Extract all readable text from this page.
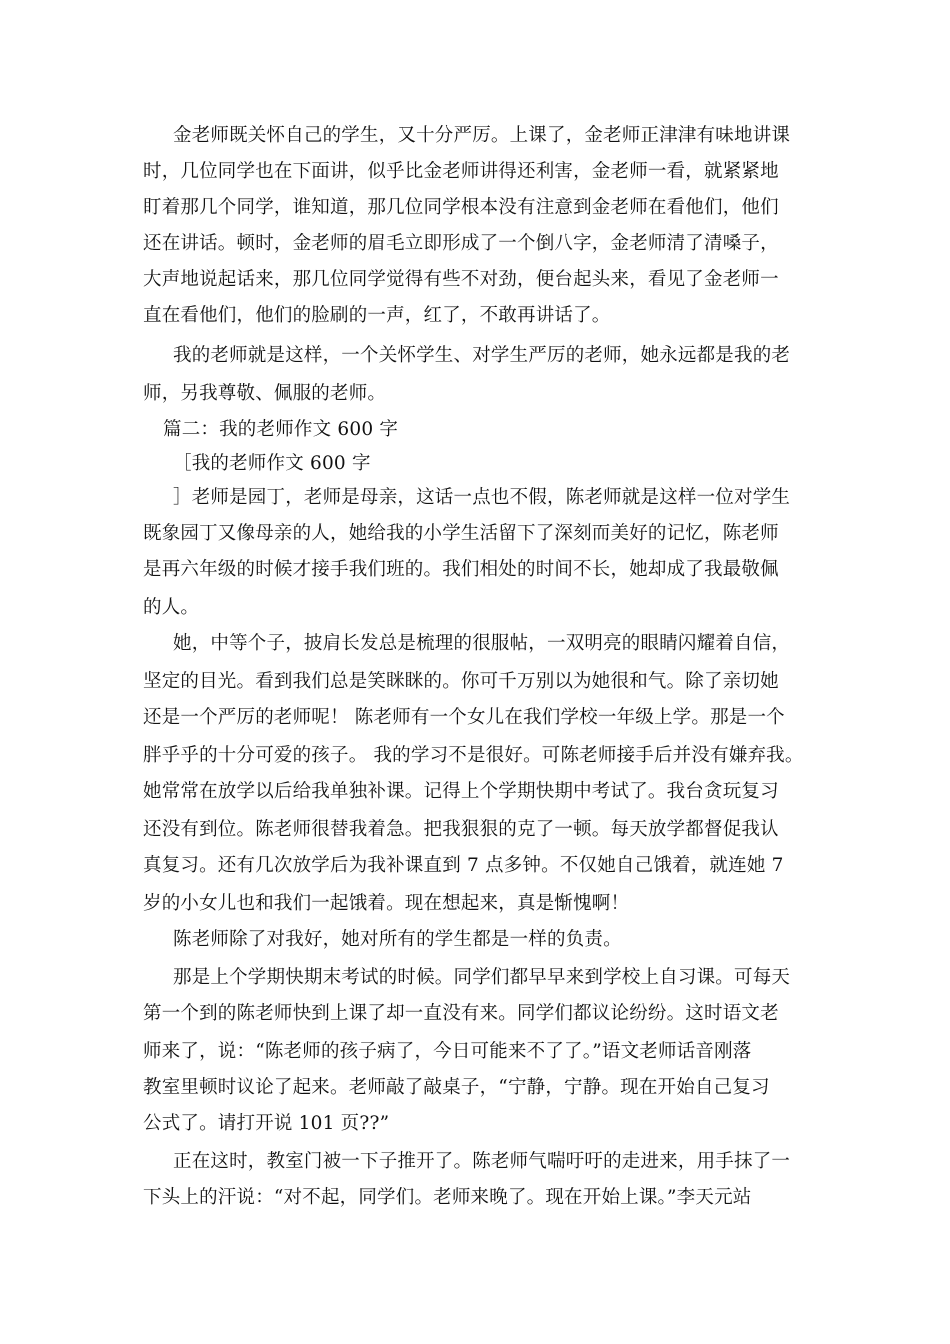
金老师既关怀自己的学生，又十分严厉。上课了，金老师正津津有味地讲课
时，几位同学也在下面讲，似乎比金老师讲得还利害，金老师一看，就紧紧地
盯着那几个同学，谁知道，那几位同学根本没有注意到金老师在看他们，他们
还在讲话。顿时，金老师的眉毛立即形成了一个倒八字，金老师清了清嗓子，
大声地说起话来，那几位同学觉得有些不对劲，便台起头来，看见了金老师一
直在看他们，他们的脸刷的一声，红了，不敢再讲话了。
我的老师就是这样，一个关怀学生、对学生严厉的老师，她永远都是我的老
师，另我尊敬、佩服的老师。
篇二：我的老师作文 600 字
［我的老师作文 600 字
］老师是园丁，老师是母亲，这话一点也不假，陈老师就是这样一位对学生
既象园丁又像母亲的人，她给我的小学生活留下了深刻而美好的记忆，陈老师
是再六年级的时候才接手我们班的。我们相处的时间不长，她却成了我最敬佩
的人。
她，中等个子，披肩长发总是梳理的很服帖，一双明亮的眼睛闪耀着自信，
坚定的目光。看到我们总是笑眯眯的。你可千万别以为她很和气。除了亲切她
还是一个严厉的老师呢！ 陈老师有一个女儿在我们学校一年级上学。那是一个
胖乎乎的十分可爱的孩子。 我的学习不是很好。可陈老师接手后并没有嫌弃我。
她常常在放学以后给我单独补课。记得上个学期快期中考试了。我台贪玩复习
还没有到位。陈老师很替我着急。把我狠狠的克了一顿。每天放学都督促我认
真复习。还有几次放学后为我补课直到 7 点多钟。不仅她自己饿着，就连她 7
岁的小女儿也和我们一起饿着。现在想起来，真是惭愧啊！
陈老师除了对我好，她对所有的学生都是一样的负责。
那是上个学期快期末考试的时候。同学们都早早来到学校上自习课。可每天
第一个到的陈老师快到上课了却一直没有来。同学们都议论纷纷。这时语文老
师来了，说：“陈老师的孩子病了，今日可能来不了了。”语文老师话音刚落
教室里顿时议论了起来。老师敲了敲桌子，“宁静，宁静。现在开始自己复习
公式了。请打开说 101 页??”
正在这时，教室门被一下子推开了。陈老师气喘吁吁的走进来，用手抹了一
下头上的汗说：“对不起，同学们。老师来晚了。现在开始上课。”李天元站
